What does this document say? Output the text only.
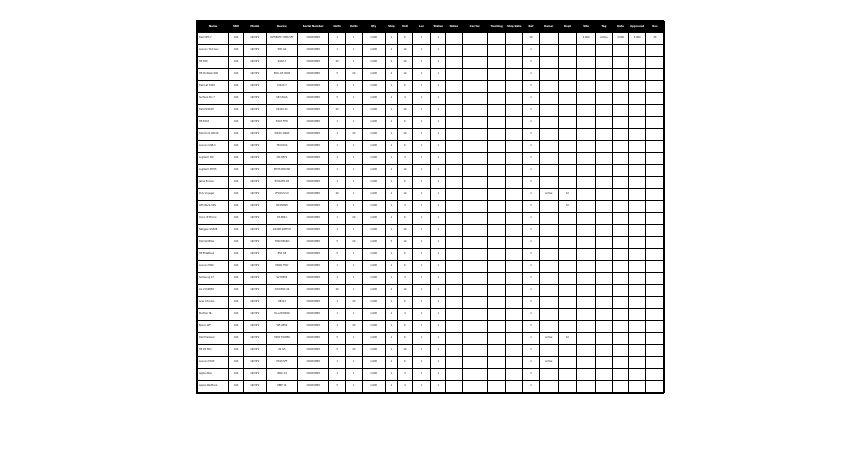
Name	SKU	Model	Device	Serial Number	Units	Units	Qty	Ship	Unit	Loc	Status	Notes	Carrier	Tracking	Ship Date	Ref	Owner	Dept	Site	Tag	Date	Approved	Rev
Dell-OPT-7	100	19V3F2	OPTIPLEX 7080 SFF	D4XK32M8	1	1	1,000	1	6	1	1					10			4,000	Active	4,500	3,000	45
Lenovo T14 Gen	100	19V3F2	TCD G2	D4XK32M8	1	1	1,000	1	10	1	1					2							
HP 840	100	19V3F2	S4XZ-7	D4XK32M8	20	1	1,000	2	10	1	1					2							
HP ProDesk 600	100	19V3F2	PDO-G5 4000	D4XK32M8	5	20	1,000	2	10	1	1					2							
Dell Lat 5420	100	19V3F2	L5420 7	D4XK32M8	1	1	1,000	1	6	1	1					2							
Surface Pro 7	100	19V3F2	SP7-PLUS	D4XK32M8	5	1	1,000	1	4	1	1					2							
Dell P2419H	100	19V3F2	P2419 24	D4XK32M8	20	1	1,000	1	10	1	1					2							
HP E243	100	19V3F2	E243 FHD	D4XK32M8	1	1	1,000	1	6	1	1					2							
Dell Dock WD19	100	19V3F2	WD19 180W	D4XK32M8	1	20	1,000	1	10	1	1					2							
Lenovo USB-C	100	19V3F2	TB DOCK	D4XK32M8	1	1	1,000	1	6	1	1					2							
Logitech MX	100	19V3F2	MX KEYS	D4XK32M8	1	1	1,000	1	4	1	1					2							
Logitech M705	100	19V3F2	M705 MOUSE	D4XK32M8	1	1	1,000	1	10	1	1					2							
Jabra Evolve	100	19V3F2	EVOLVE2 65	D4XK32M8	1	1	1,000	1	6	1	1					2							
Poly Voyager	100	19V3F2	VFOCUS UC	D4XK32M8	20	1	1,000	1	10	1	1					2	Active	10					
APC Back-UPS	100	19V3F2	BX1500M	D4XK32M8	1	1	1,000	1	4	1	1					2		10					
Cisco IP Phone	100	19V3F2	CP-8841	D4XK32M8	1	20	1,000	1	6	1	1					2							
Netgear GS308	100	19V3F2	GS308 SWITCH	D4XK32M8	1	1	1,000	1	10	1	1					2							
Dell OptiPlex	100	19V3F2	7090 MICRO	D4XK32M8	5	20	1,000	5	10	1	1					2							
HP EliteBook	100	19V3F2	850 G8	D4XK32M8	5	1	1,000	1	6	1	1					2							
Lenovo M90	100	19V3F2	M90Q TINY	D4XK32M8	1	1	1,000	1	6	1	1					2							
Samsung 27	100	19V3F2	S27R650	D4XK32M8	1	1	1,000	1	4	1	1					2							
LG 27UK850	100	19V3F2	27UK850 4K	D4XK32M8	20	1	1,000	2	10	1	1					2							
Acer Chrome	100	19V3F2	CB314	D4XK32M8	1	20	1,000	1	6	1	1					2							
Brother HL	100	19V3F2	HL-L2350DW	D4XK32M8	1	1	1,000	1	4	1	1					2							
Epson WF	100	19V3F2	WF-2850	D4XK32M8	1	20	1,000	1	6	1	1					2							
Dell Precision	100	19V3F2	3650 TOWER	D4XK32M8	5	1	1,000	1	6	1	1					2	Active	10					
HP Z2 Mini	100	19V3F2	Z2 G5	D4XK32M8	5	20	1,000	1	10	1	1					2							
Lenovo P340	100	19V3F2	P340 SFF	D4XK32M8	1	1	1,000	1	6	1	1					2	Active						
Apple iMac	100	19V3F2	IMAC 24	D4XK32M8	1	1	1,000	1	4	1	1					2							
Apple MacBook	100	19V3F2	MBP 14	D4XK32M8	5	1	1,000	1	4	1	1					2							
